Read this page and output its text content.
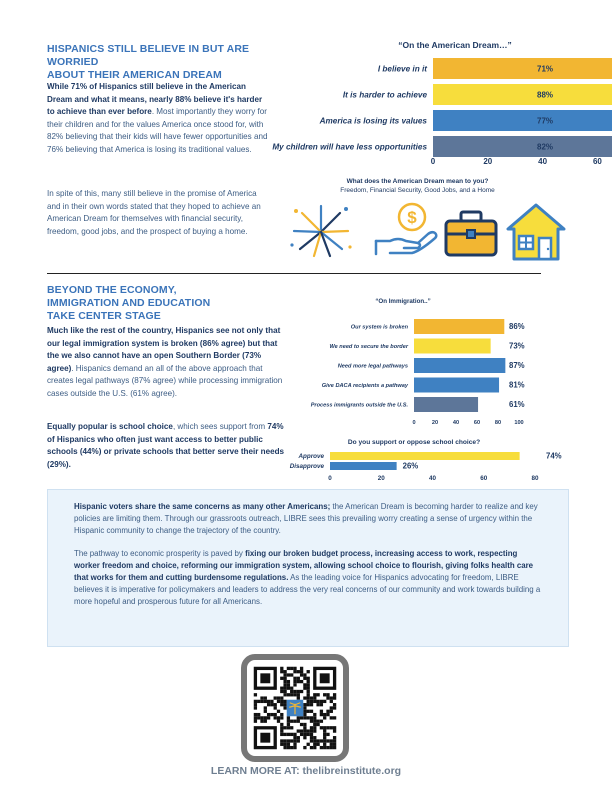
HISPANICS STILL BELIEVE IN BUT ARE WORRIED
ABOUT THEIR AMERICAN DREAM
While 71% of Hispanics still believe in the American Dream and what it means, nearly 88% believe it's harder to achieve than ever before. Most importantly they worry for their children and for the values America once stood for, with 82% believing that their kids will have fewer opportunities and 76% believing that America is losing its traditional values.
In spite of this, many still believe in the promise of America and in their own words stated that they hoped to achieve an American Dream for themselves with financial security, freedom, good jobs, and the prospect of buying a home.
“On the American Dream…”
I believe in it	71%
It is harder to achieve	88%
America is losing its values	77%
My children will have less opportunities	82%
0	20	40	60
What does the American Dream mean to you?
Freedom, Financial Security, Good Jobs, and a Home
$
BEYOND THE ECONOMY,
IMMIGRATION AND EDUCATION
TAKE CENTER STAGE
Much like the rest of the country, Hispanics see not only that our legal immigration system is broken (86% agree) but that the we also cannot have an open Southern Border (73% agree). Hispanics demand an all of the above approach that creates legal pathways (87% agree) while processing immigration cases outside the U.S. (61% agree).
Equally popular is school choice, which sees support from 74% of Hispanics who often just want access to better public schools (44%) or private schools that better serve their needs (29%).
“On Immigration..”
Our system is broken	86%
We need to secure the border	73%
Need more legal pathways	87%
Give DACA recipients a pathway	81%
Process immigrants outside the U.S.	61%
0	20	40	60	80 100
Do you support or oppose school choice?
Approve	74%
Disapprove	26%
0	20	40	60	80

Hispanic voters share the same concerns as many other Americans; the American Dream is becoming harder to realize and key policies are limiting them. Through our grassroots outreach, LIBRE sees this prevailing worry creating a sense of urgency within the Hispanic community to change the trajectory of the country.

The pathway to economic prosperity is paved by fixing our broken budget process, increasing access to work, respecting worker freedom and choice, reforming our immigration system, allowing school choice to flourish, giving folks health care that works for them and cutting burdensome regulations. As the leading voice for Hispanics advocating for freedom, LIBRE believes it is imperative for policymakers and leaders to address the very real concerns of our community and work towards building a more hopeful and prosperous future for all Americans.

LEARN MORE AT: thelibreinstitute.org
